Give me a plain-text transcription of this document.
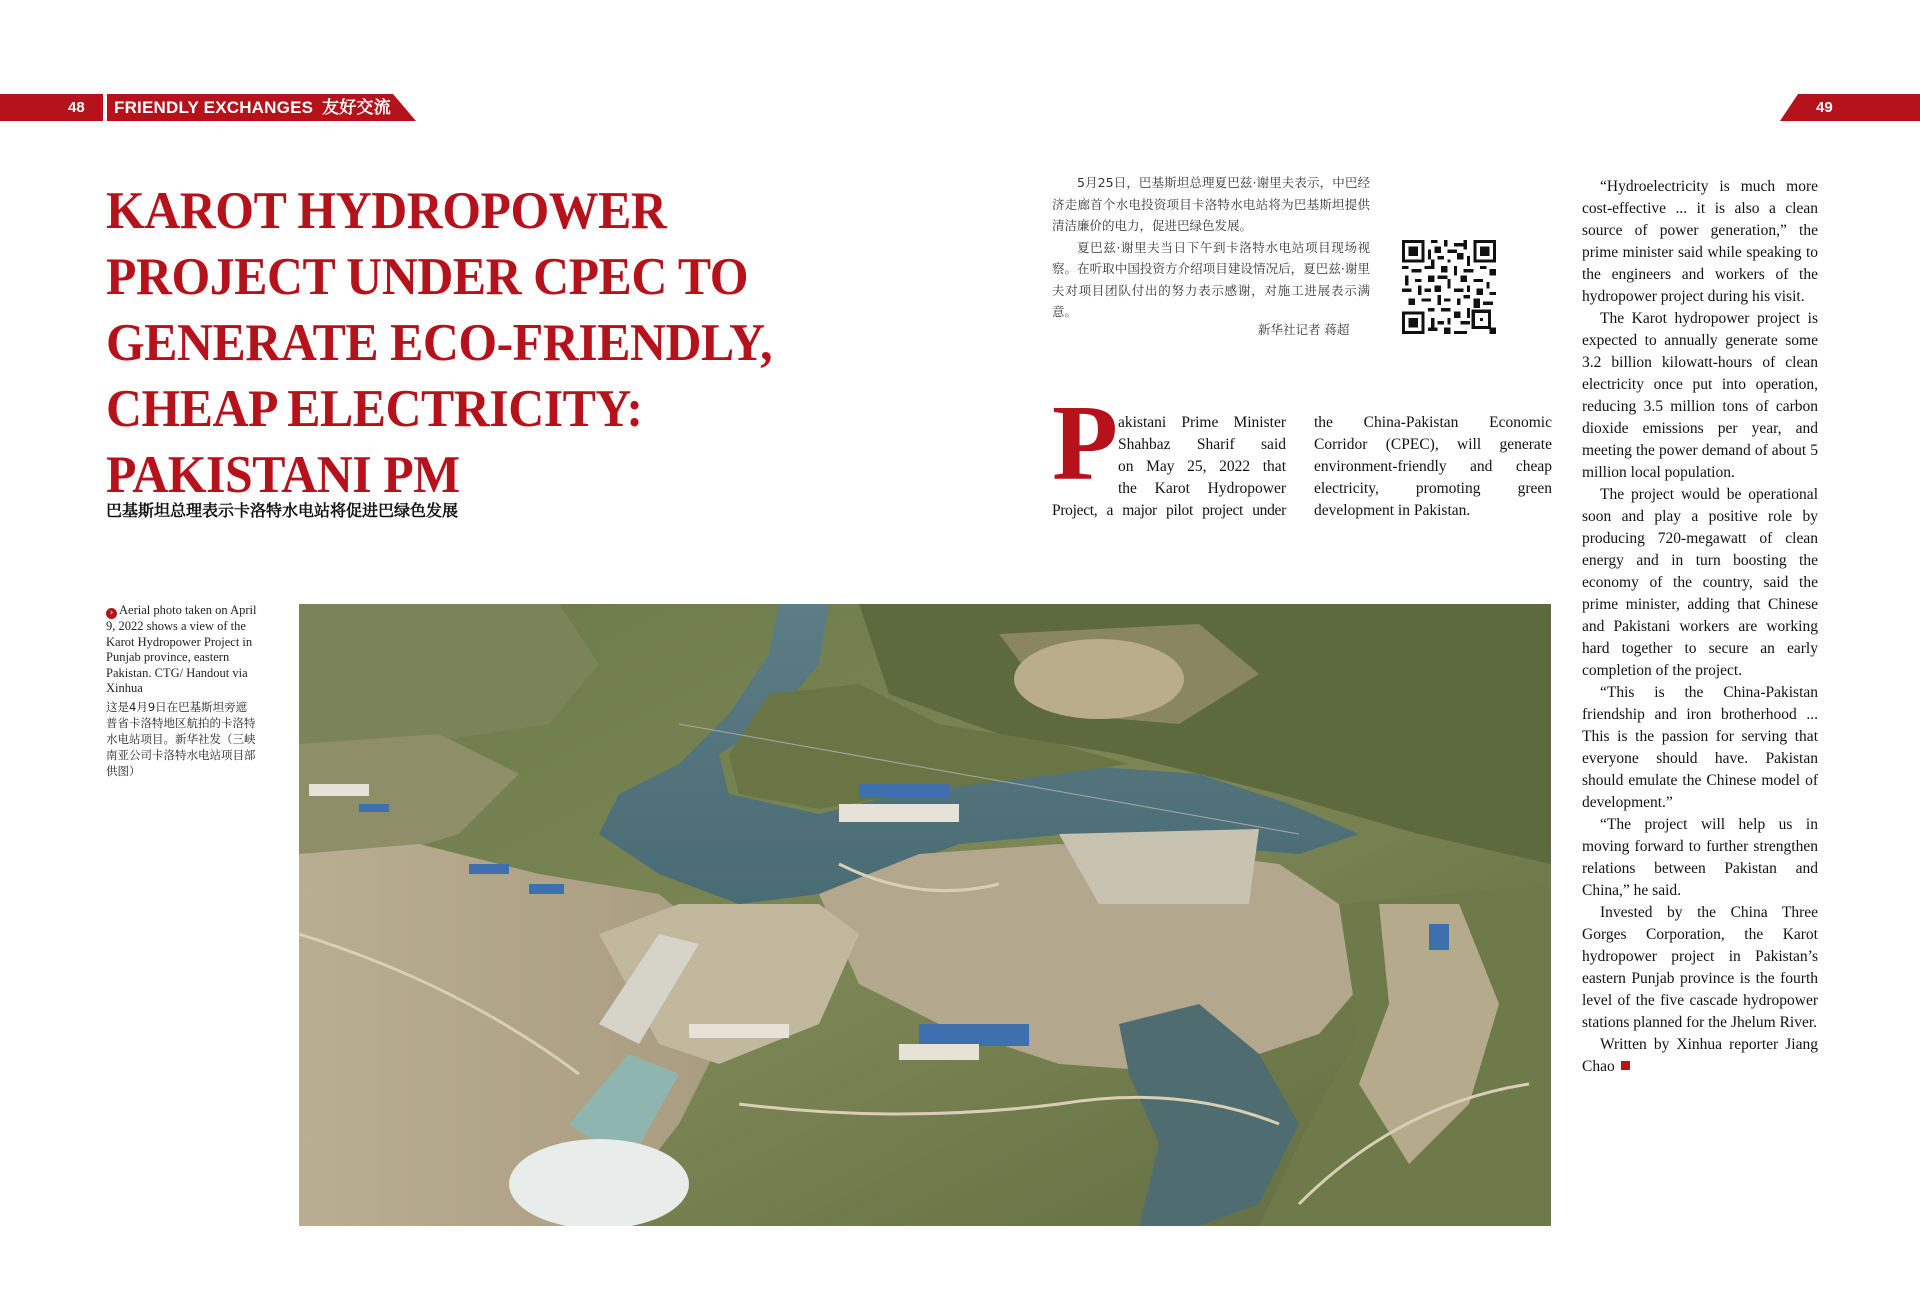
48	FRIENDLY EXCHANGES 友好交流	49
KAROT HYDROPOWER
PROJECT UNDER CPEC TO
GENERATE ECO-FRIENDLY,
CHEAP ELECTRICITY:
PAKISTANI PM
巴基斯坦总理表示卡洛特水电站将促进巴绿色发展

5月25日，巴基斯坦总理夏巴兹·谢里夫表示，中巴经济走廊首个水电投资项目卡洛特水电站将为巴基斯坦提供清洁廉价的电力，促进巴绿色发展。

夏巴兹·谢里夫当日下午到卡洛特水电站项目现场视察。在听取中国投资方介绍项目建设情况后，夏巴兹·谢里夫对项目团队付出的努力表示感谢，对施工进展表示满意。

新华社记者 蒋超
P akistani Prime Minister
Shahbaz Sharif said
on May 25, 2022 that
the Karot Hydropower
Project, a major pilot project under
the China-Pakistan Economic
Corridor (CPEC), will generate
environment-friendly and cheap
electricity, promoting green
development in Pakistan.

“Hydroelectricity is much more cost-effective ... it is also a clean source of power generation,” the prime minister said while speaking to the engineers and workers of the hydropower project during his visit.

The Karot hydropower project is expected to annually generate some 3.2 billion kilowatt-hours of clean electricity once put into operation, reducing 3.5 million tons of carbon dioxide emissions per year, and meeting the power demand of about 5 million local population.

The project would be operational soon and play a positive role by producing 720-megawatt of clean energy and in turn boosting the economy of the country, said the prime minister, adding that Chinese and Pakistani workers are working hard together to secure an early completion of the project.

“This is the China-Pakistan friendship and iron brotherhood ... This is the passion for serving that everyone should have. Pakistan should emulate the Chinese model of development.”

“The project will help us in moving forward to further strengthen relations between Pakistan and China,” he said.

Invested by the China Three Gorges Corporation, the Karot hydropower project in Pakistan’s eastern Punjab province is the fourth level of the five cascade hydropower stations planned for the Jhelum River.

Written by Xinhua reporter Jiang Chao

› Aerial photo taken on April 9, 2022 shows a view of the Karot Hydropower Project in Punjab province, eastern Pakistan. CTG/ Handout via Xinhua
这是4月9日在巴基斯坦旁遮普省卡洛特地区航拍的卡洛特水电站项目。新华社发（三峡南亚公司卡洛特水电站项目部供图）
